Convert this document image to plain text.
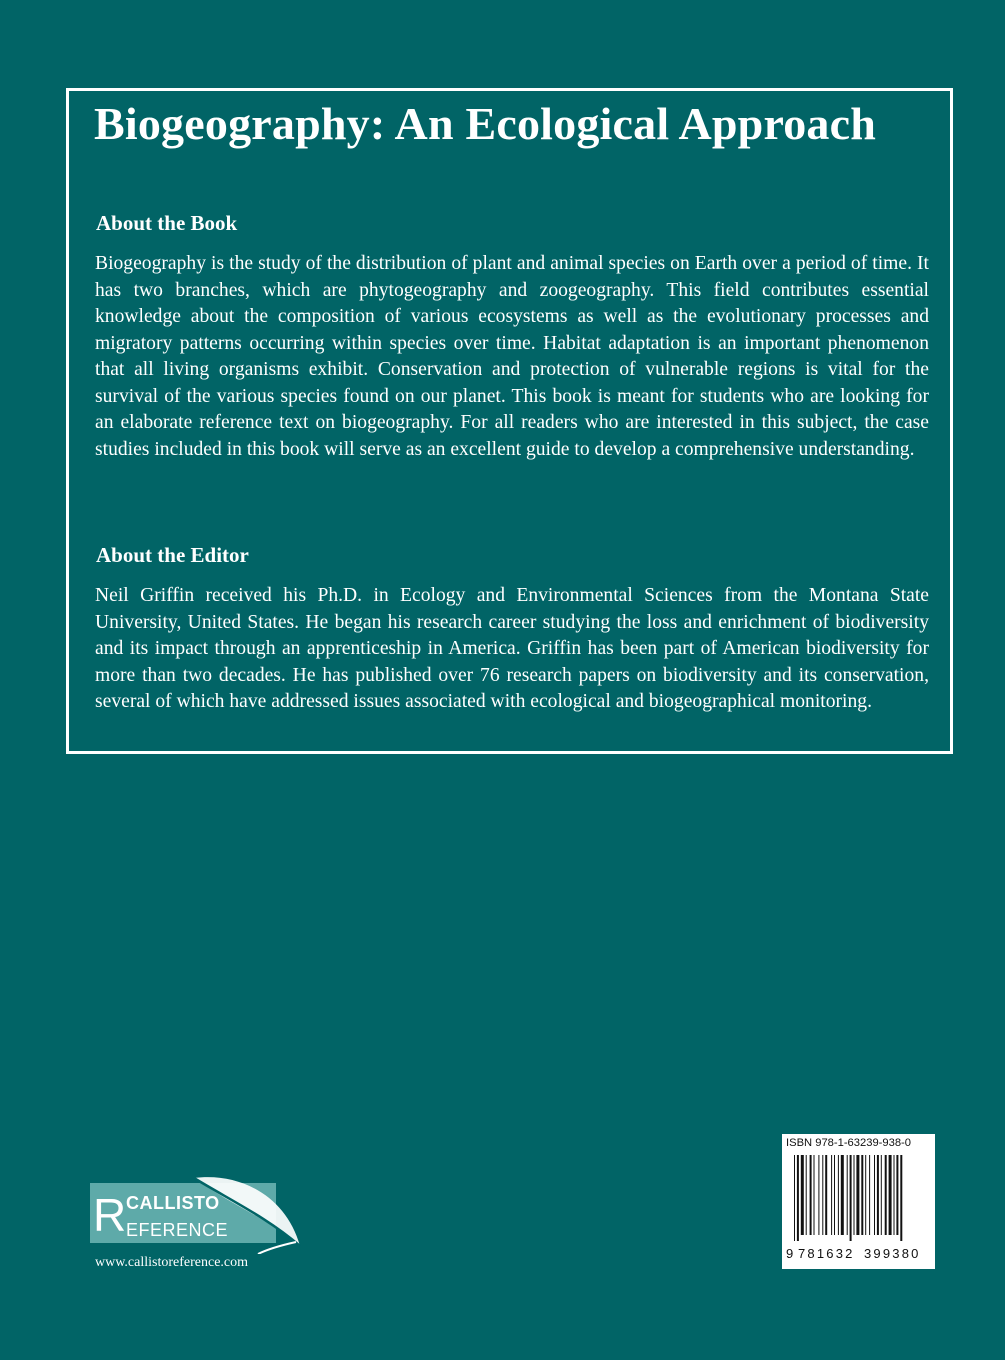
Biogeography: An Ecological Approach
About the Book

Biogeography is the study of the distribution of plant and animal species on Earth over a period of time. It has two branches, which are phytogeography and zoogeography. This field contributes essential knowledge about the composition of various ecosystems as well as the evolutionary processes and migratory patterns occurring within species over time. Habitat adaptation is an important phenomenon that all living organisms exhibit. Conservation and protection of vulnerable regions is vital for the survival of the various species found on our planet. This book is meant for students who are looking for an elaborate reference text on biogeography. For all readers who are interested in this subject, the case studies included in this book will serve as an excellent guide to develop a comprehensive understanding.

About the Editor

Neil Griffin received his Ph.D. in Ecology and Environmental Sciences from the Montana State University, United States. He began his research career studying the loss and enrichment of biodiversity and its impact through an apprenticeship in America. Griffin has been part of American biodiversity for more than two decades. He has published over 76 research papers on biodiversity and its conservation, several of which have addressed issues associated with ecological and biogeographical monitoring.

R CALLISTO
EFERENCE
www.callistoreference.com
ISBN 978-1-63239-938-0
9 781632 399380
